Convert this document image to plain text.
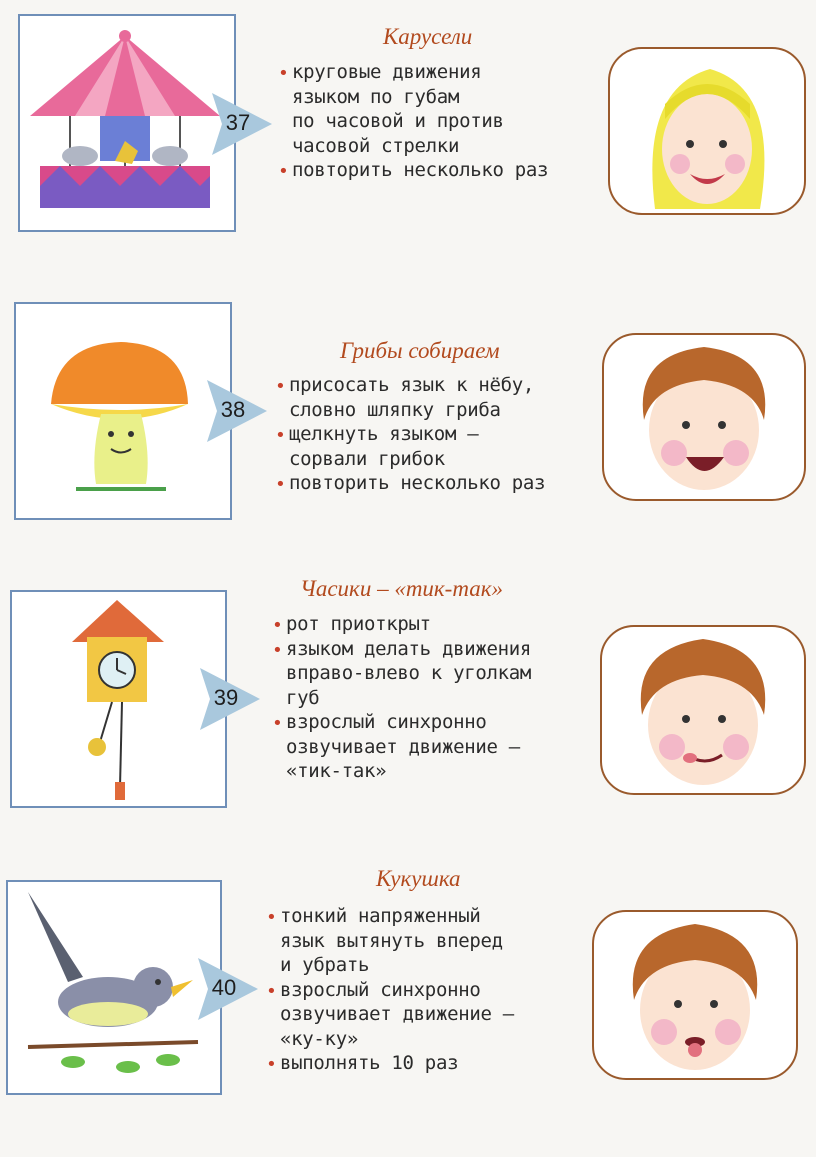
37
Карусели
• круговые движения
языком по губам
по часовой и против
часовой стрелки
• повторить несколько раз
38
Грибы собираем
• присосать язык к нёбу,
словно шляпку гриба
• щелкнуть языком –
сорвали грибок
• повторить несколько раз
39
Часики – «тик-так»
• рот приоткрыт
• языком делать движения
вправо-влево к уголкам
губ
• взрослый синхронно
озвучивает движение –
«тик-так»
40
Кукушка
• тонкий напряженный
язык вытянуть вперед
и убрать
• взрослый синхронно
озвучивает движение –
«ку-ку»
• выполнять 10 раз
